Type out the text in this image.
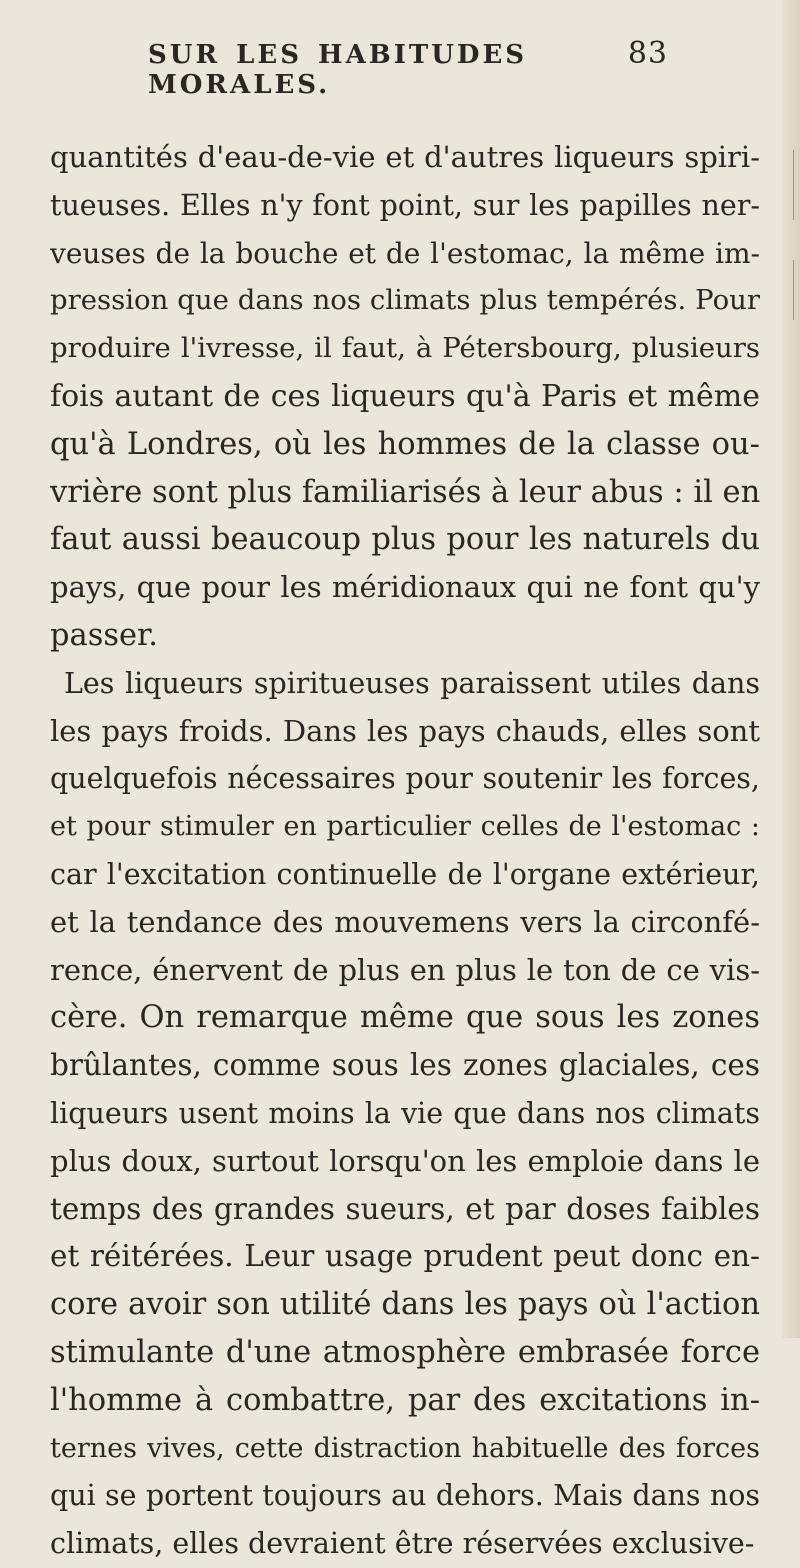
SUR LES HABITUDES MORALES.
83
quantités d'eau-de-vie et d'autres liqueurs spiri-
tueuses. Elles n'y font point, sur les papilles ner-
veuses de la bouche et de l'estomac, la même im-
pression que dans nos climats plus tempérés. Pour
produire l'ivresse, il faut, à Pétersbourg, plusieurs
fois autant de ces liqueurs qu'à Paris et même
qu'à Londres, où les hommes de la classe ou-
vrière sont plus familiarisés à leur abus : il en
faut aussi beaucoup plus pour les naturels du
pays, que pour les méridionaux qui ne font qu'y
passer.
Les liqueurs spiritueuses paraissent utiles dans
les pays froids. Dans les pays chauds, elles sont
quelquefois nécessaires pour soutenir les forces,
et pour stimuler en particulier celles de l'estomac :
car l'excitation continuelle de l'organe extérieur,
et la tendance des mouvemens vers la circonfé-
rence, énervent de plus en plus le ton de ce vis-
cère. On remarque même que sous les zones
brûlantes, comme sous les zones glaciales, ces
liqueurs usent moins la vie que dans nos climats
plus doux, surtout lorsqu'on les emploie dans le
temps des grandes sueurs, et par doses faibles
et réitérées. Leur usage prudent peut donc en-
core avoir son utilité dans les pays où l'action
stimulante d'une atmosphère embrasée force
l'homme à combattre, par des excitations in-
ternes vives, cette distraction habituelle des forces
qui se portent toujours au dehors. Mais dans nos
climats, elles devraient être réservées exclusive-
